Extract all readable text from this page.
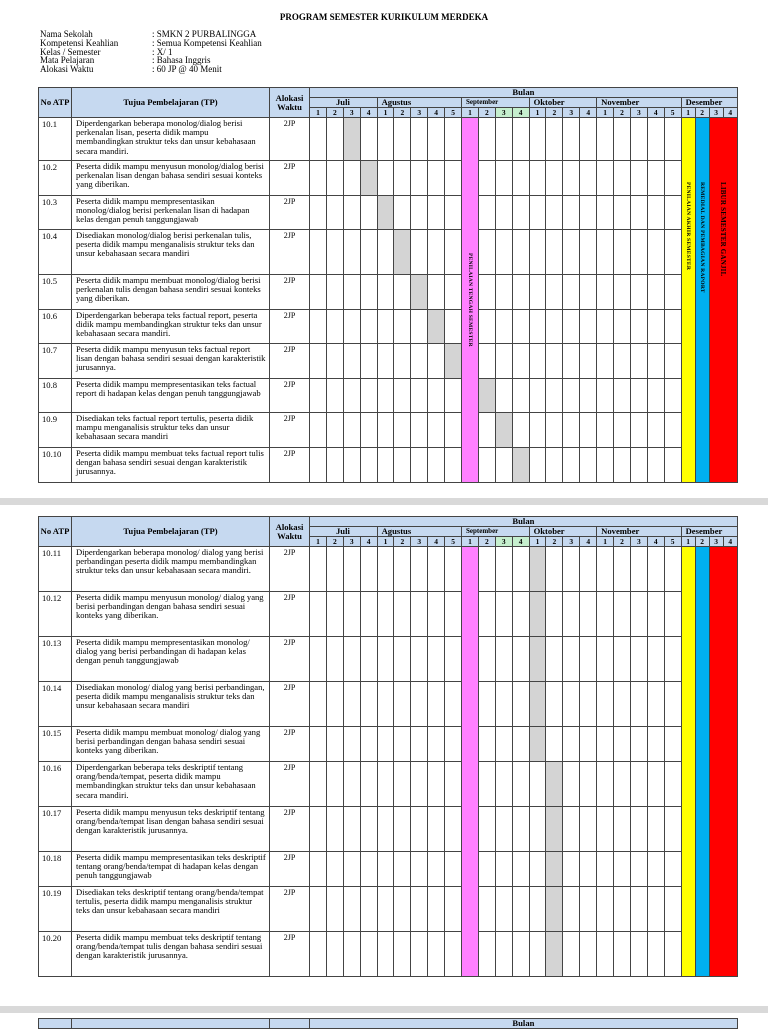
PROGRAM SEMESTER KURIKULUM MERDEKA
Nama Sekolah	: SMKN 2 PURBALINGGA
Kompetensi Keahlian	: Semua Kompetensi Keahlian
Kelas / Semester	: X/ 1
Mata Pelajaran	: Bahasa Inggris
Alokasi Waktu	: 60 JP @ 40 Menit
No ATP	Tujua Pembelajaran (TP)	Alokasi Waktu	Bulan																									
			Juli				Agustus					September				Oktober				November					Desember			
			1	2	3	4	1	2	3	4	5	1	2	3	4	1	2	3	4	1	2	3	4	5	1	2	3	4
10.1	Diperdengarkan beberapa monolog/dialog berisi perkenalan lisan, peserta didik mampu membandingkan struktur teks dan unsur kebahasaan secara mandiri.	2JP										PENILAIAN TENGAH SEMESTER													PENILAIAN AKHIR SEMESTER	REMEDIAL DAN PEMBAGIAN RAPORT	LIBUR SEMESTER GANJIL	

10.2	Peserta didik mampu menyusun monolog/dialog berisi perkenalan lisan dengan bahasa sendiri sesuai konteks yang diberikan.	2JP																										
10.3	Peserta didik mampu mempresentasikan monolog/dialog berisi perkenalan lisan di hadapan kelas dengan penuh tanggungjawab	2JP																										
10.4	Disediakan monolog/dialog berisi perkenalan tulis, peserta didik mampu menganalisis struktur teks dan unsur kebahasaan secara mandiri	2JP																										
10.5	Peserta didik mampu membuat monolog/dialog berisi perkenalan tulis dengan bahasa sendiri sesuai konteks yang diberikan.	2JP																										
10.6	Diperdengarkan beberapa teks factual report, peserta didik mampu membandingkan struktur teks dan unsur kebahasaan secara mandiri.	2JP																										
10.7	Peserta didik mampu menyusun teks factual report lisan dengan bahasa sendiri sesuai dengan karakteristik jurusannya.	2JP																										
10.8	Peserta didik mampu mempresentasikan teks factual report di hadapan kelas dengan penuh tanggungjawab	2JP																										
10.9	Disediakan teks factual report tertulis, peserta didik mampu menganalisis struktur teks dan unsur kebahasaan secara mandiri	2JP																										
10.10	Peserta didik mampu membuat teks factual report tulis dengan bahasa sendiri sesuai dengan karakteristik jurusannya.	2JP																										
No ATP	Tujua Pembelajaran (TP)	Alokasi Waktu	Bulan																									
			Juli				Agustus					September				Oktober				November					Desember			
			1	2	3	4	1	2	3	4	5	1	2	3	4	1	2	3	4	1	2	3	4	5	1	2	3	4
10.11	Diperdengarkan beberapa monolog/ dialog yang berisi perbandingan peserta didik mampu membandingkan struktur teks dan unsur kebahasaan secara mandiri.	2JP																										
10.12	Peserta didik mampu menyusun monolog/ dialog yang berisi perbandingan dengan bahasa sendiri sesuai konteks yang diberikan.	2JP																										
10.13	Peserta didik mampu mempresentasikan monolog/ dialog yang berisi perbandingan di hadapan kelas dengan penuh tanggungjawab	2JP																										
10.14	Disediakan monolog/ dialog yang berisi perbandingan, peserta didik mampu menganalisis struktur teks dan unsur kebahasaan secara mandiri	2JP																										
10.15	Peserta didik mampu membuat monolog/ dialog yang berisi perbandingan dengan bahasa sendiri sesuai konteks yang diberikan.	2JP																										
10.16	Diperdengarkan beberapa teks deskriptif tentang orang/benda/tempat, peserta didik mampu membandingkan struktur teks dan unsur kebahasaan secara mandiri.	2JP																										
10.17	Peserta didik mampu menyusun teks deskriptif tentang orang/benda/tempat lisan dengan bahasa sendiri sesuai dengan karakteristik jurusannya.	2JP																										
10.18	Peserta didik mampu mempresentasikan teks deskriptif tentang orang/benda/tempat di hadapan kelas dengan penuh tanggungjawab	2JP																										
10.19	Disediakan teks deskriptif tentang orang/benda/tempat tertulis, peserta didik mampu menganalisis struktur teks dan unsur kebahasaan secara mandiri	2JP																										
10.20	Peserta didik mampu membuat teks deskriptif tentang orang/benda/tempat tulis dengan bahasa sendiri sesuai dengan karakteristik jurusannya.	2JP																										
			Bulan
